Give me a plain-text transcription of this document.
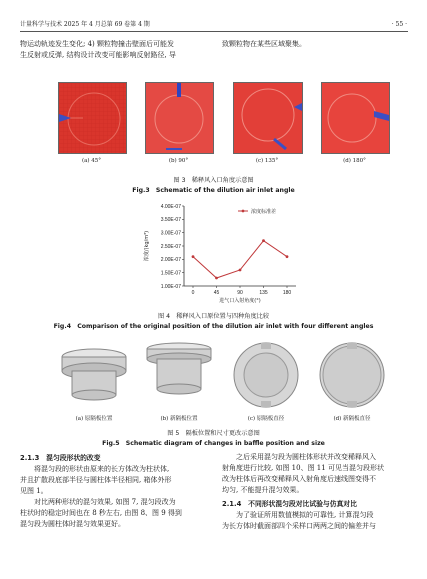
计量科学与技术 2025 年 4 月总第 69 卷第 4 期	· 55 ·
物运动轨迹发生变化; 4) 颗粒物撞击壁面后可能发
生反射或反弹, 结构设计改变可能影响反射路径, 导
致颗粒物在某些区域聚集。
(a) 45°	(b) 90°	(c) 135°	(d) 180°
图 3　稀释风入口角度示意图
Fig.3　Schematic of the dilution air inlet angle
1.00E-07
1.50E-07
2.00E-07
2.50E-07
3.00E-07
3.50E-07
4.00E-07
0	45	90	135	180
浓度标准差
进气口入射角度(°)
浓度/(kg/m³)
图 4　稀释风入口原位置与四种角度比较
Fig.4　Comparison of the original position of the dilution air inlet with four different angles
(a) 原隔板位置	(b) 新隔板位置	(c) 原隔板直径	(d) 新隔板直径
图 5　隔板位置和尺寸更改示意图
Fig.5　Schematic diagram of changes in baffle position and size
2.1.3　混匀段形状的改变
将混匀段的形状由原来的长方体改为柱状体,
并且扩散段底部半径与圆柱体半径相同, 箱体外形
见图 1。
对比两种形状的混匀效果, 如图 7, 混匀段改为
柱状时的稳定时间也在 8 秒左右, 由图 8、图 9 得到
混匀段为圆柱体时混匀效果更好。
之后采用混匀段为圆柱体形状并改变稀释风入
射角度进行比较, 如图 10、图 11 可见当混匀段形状
改为柱体后再改变稀释风入射角度后速线图变得不
均匀, 不能提升混匀效果。
2.1.4　不同形状混匀段对比试验与仿真对比
为了验证所用数值模拟的可靠性, 计算混匀段
为长方体时截面部四个采样口两两之间的偏差并与
